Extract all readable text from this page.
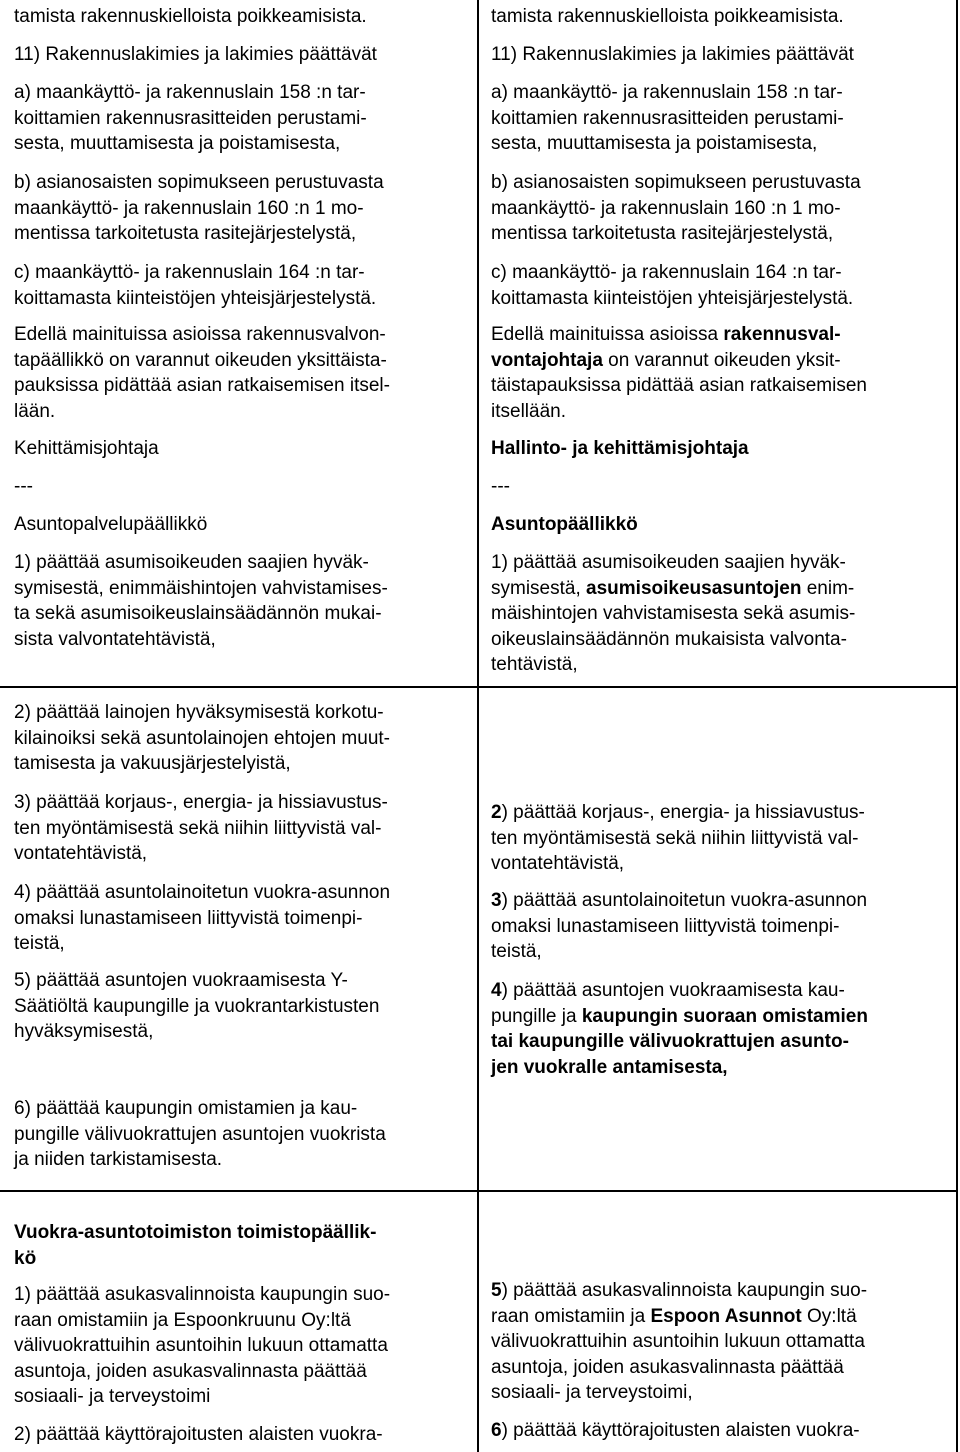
tamista rakennuskielloista poikkeamisista.
11) Rakennuslakimies ja lakimies päättävät
a) maankäyttö- ja rakennuslain 158 :n tar-
koittamien rakennusrasitteiden perustami-
sesta, muuttamisesta ja poistamisesta,
b) asianosaisten sopimukseen perustuvasta
maankäyttö- ja rakennuslain 160 :n 1 mo-
mentissa tarkoitetusta rasitejärjestelystä,
c) maankäyttö- ja rakennuslain 164 :n tar-
koittamasta kiinteistöjen yhteisjärjestelystä.
Edellä mainituissa asioissa rakennusvalvon-
tapäällikkö on varannut oikeuden yksittäista-
pauksissa pidättää asian ratkaisemisen itsel-
lään.
Kehittämisjohtaja
---
Asuntopalvelupäällikkö
1) päättää asumisoikeuden saajien hyväk-
symisestä, enimmäishintojen vahvistamises-
ta sekä asumisoikeuslainsäädännön mukai-
sista valvontatehtävistä,
2) päättää lainojen hyväksymisestä korkotu-
kilainoiksi sekä asuntolainojen ehtojen muut-
tamisesta ja vakuusjärjestelyistä,
3) päättää korjaus-, energia- ja hissiavustus-
ten myöntämisestä sekä niihin liittyvistä val-
vontatehtävistä,
4) päättää asuntolainoitetun vuokra-asunnon
omaksi lunastamiseen liittyvistä toimenpi-
teistä,
5) päättää asuntojen vuokraamisesta Y-
Säätiöltä kaupungille ja vuokrantarkistusten
hyväksymisestä,
6) päättää kaupungin omistamien ja kau-
pungille välivuokrattujen asuntojen vuokrista
ja niiden tarkistamisesta.
Vuokra-asuntotoimiston toimistopäällik-
kö
1) päättää asukasvalinnoista kaupungin suo-
raan omistamiin ja Espoonkruunu Oy:ltä
välivuokrattuihin asuntoihin lukuun ottamatta
asuntoja, joiden asukasvalinnasta päättää
sosiaali- ja terveystoimi
2) päättää käyttörajoitusten alaisten vuokra-
tamista rakennuskielloista poikkeamisista.
11) Rakennuslakimies ja lakimies päättävät
a) maankäyttö- ja rakennuslain 158 :n tar-
koittamien rakennusrasitteiden perustami-
sesta, muuttamisesta ja poistamisesta,
b) asianosaisten sopimukseen perustuvasta
maankäyttö- ja rakennuslain 160 :n 1 mo-
mentissa tarkoitetusta rasitejärjestelystä,
c) maankäyttö- ja rakennuslain 164 :n tar-
koittamasta kiinteistöjen yhteisjärjestelystä.
Edellä mainituissa asioissa rakennusval-
vontajohtaja on varannut oikeuden yksit-
täistapauksissa pidättää asian ratkaisemisen
itsellään.
Hallinto- ja kehittämisjohtaja
---
Asuntopäällikkö
1) päättää asumisoikeuden saajien hyväk-
symisestä, asumisoikeusasuntojen enim-
mäishintojen vahvistamisesta sekä asumis-
oikeuslainsäädännön mukaisista valvonta-
tehtävistä,
2) päättää korjaus-, energia- ja hissiavustus-
ten myöntämisestä sekä niihin liittyvistä val-
vontatehtävistä,
3) päättää asuntolainoitetun vuokra-asunnon
omaksi lunastamiseen liittyvistä toimenpi-
teistä,
4) päättää asuntojen vuokraamisesta kau-
pungille ja kaupungin suoraan omistamien
tai kaupungille välivuokrattujen asunto-
jen vuokralle antamisesta,
5) päättää asukasvalinnoista kaupungin suo-
raan omistamiin ja Espoon Asunnot Oy:ltä
välivuokrattuihin asuntoihin lukuun ottamatta
asuntoja, joiden asukasvalinnasta päättää
sosiaali- ja terveystoimi,
6) päättää käyttörajoitusten alaisten vuokra-
